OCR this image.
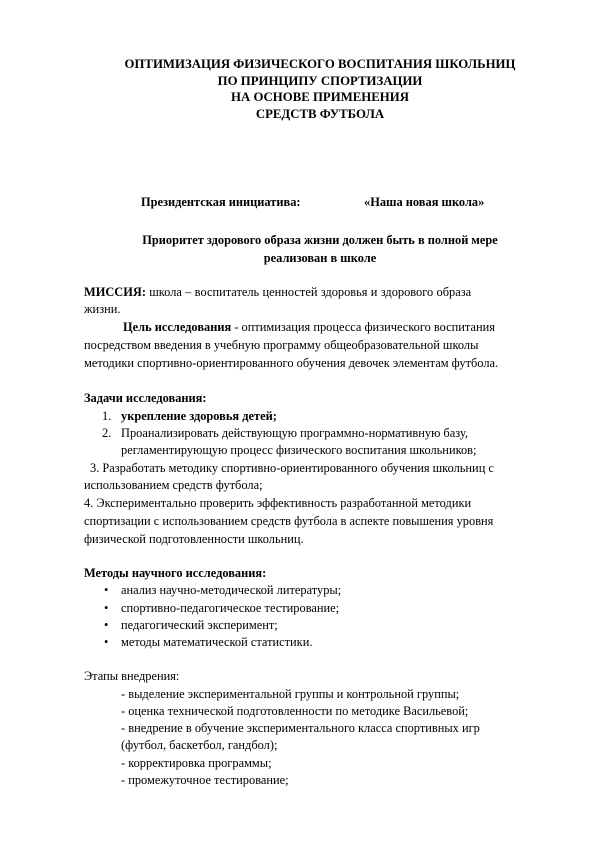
ОПТИМИЗАЦИЯ ФИЗИЧЕСКОГО ВОСПИТАНИЯ ШКОЛЬНИЦ
ПО ПРИНЦИПУ СПОРТИЗАЦИИ
НА ОСНОВЕ ПРИМЕНЕНИЯ
СРЕДСТВ ФУТБОЛА
Президентская инициатива:	«Наша новая школа»
Приоритет здорового образа жизни должен быть в полной мере
реализован в школе
МИССИЯ: школа – воспитатель ценностей здоровья и здорового образа
жизни.
Цель исследования - оптимизация процесса физического воспитания
посредством введения в учебную программу общеобразовательной школы
методики спортивно-ориентированного обучения девочек элементам футбола.
Задачи исследования:
1. укрепление здоровья детей;
2. Проанализировать действующую программно-нормативную базу,
регламентирующую процесс физического воспитания школьников;
3. Разработать методику спортивно-ориентированного обучения школьниц с
использованием средств футбола;
4. Экспериментально проверить эффективность разработанной методики
спортизации с использованием средств футбола в аспекте повышения уровня
физической подготовленности школьниц.
Методы научного исследования:
• анализ научно-методической литературы;
• спортивно-педагогическое тестирование;
• педагогический эксперимент;
• методы математической статистики.
Этапы внедрения:
- выделение экспериментальной группы и контрольной группы;
- оценка технической подготовленности по методике Васильевой;
- внедрение в обучение экспериментального класса спортивных игр
(футбол, баскетбол, гандбол);
- корректировка программы;
- промежуточное тестирование;
